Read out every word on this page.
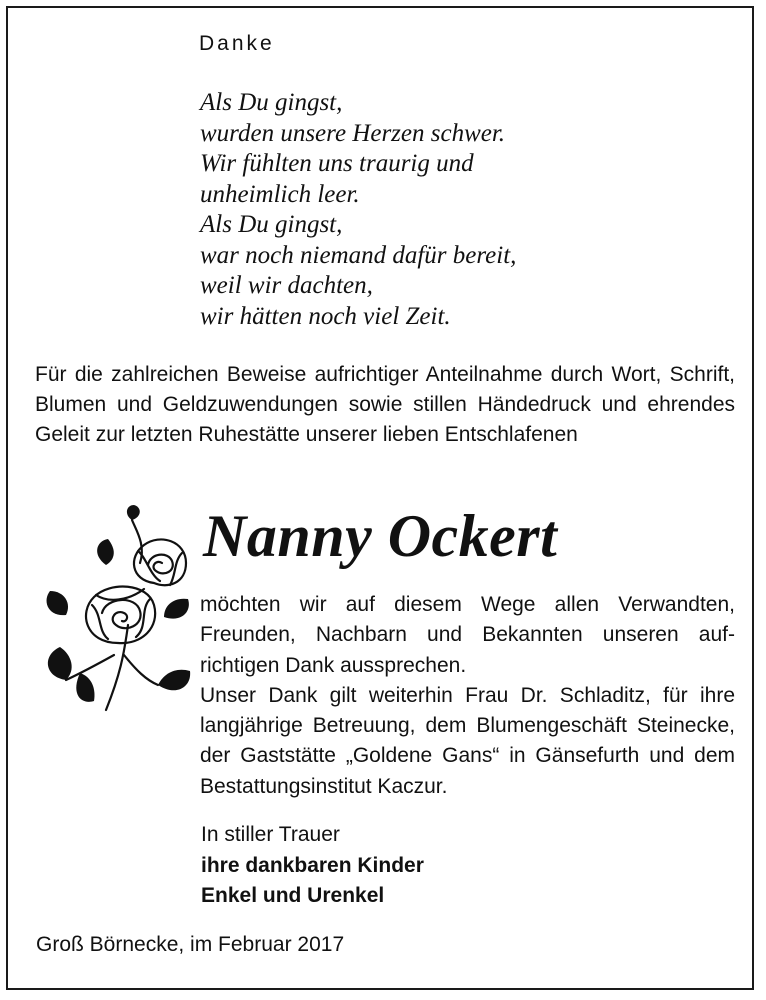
Danke
Als Du gingst,
wurden unsere Herzen schwer.
Wir fühlten uns traurig und
unheimlich leer.
Als Du gingst,
war noch niemand dafür bereit,
weil wir dachten,
wir hätten noch viel Zeit.
Für die zahlreichen Beweise aufrichtiger Anteilnahme durch Wort, Schrift, Blumen und Geldzuwendungen sowie stillen Händedruck und ehrendes Geleit zur letzten Ruhestätte unserer lieben Entschlafenen
Nanny Ockert

möchten wir auf diesem Wege allen Verwandten, Freunden, Nachbarn und Bekannten unseren aufrichtigen Dank aussprechen.

Unser Dank gilt weiterhin Frau Dr. Schladitz, für ihre langjährige Betreuung, dem Blumengeschäft Steinecke, der Gaststätte „Goldene Gans“ in Gänsefurth und dem Bestattungsinstitut Kaczur.

In stiller Trauer
ihre dankbaren Kinder
Enkel und Urenkel
Groß Börnecke, im Februar 2017
